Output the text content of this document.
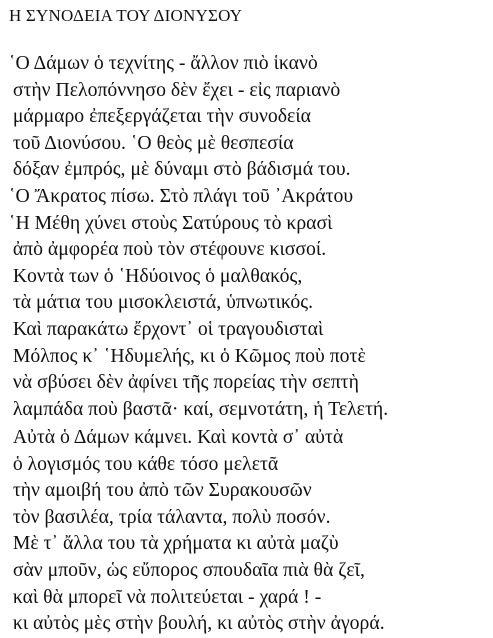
Η ΣΥΝΟΔΕΙΑ ΤΟΥ ΔΙΟΝΥΣΟΥ
῾Ο Δάμων ὁ τεχνίτης - ἄλλον πιὸ ἱκανὸ
στὴν Πελοπόννησο δὲν ἔχει - εἰς παριανὸ
μάρμαρο ἐπεξεργάζεται τὴν συνοδεία
τοῦ Διονύσου. ῾Ο θεὸς μὲ θεσπεσία
δόξαν ἐμπρός, μὲ δύναμι στὸ βάδισμά του.
῾Ο Ἄκρατος πίσω. Στὸ πλάγι τοῦ ᾿Ακράτου
῾Η Μέθη χύνει στοὺς Σατύρους τὸ κρασὶ
ἀπὸ ἀμφορέα ποὺ τὸν στέφουνε κισσοί.
Κοντὰ των ὁ ῾Ηδύοινος ὁ μαλθακός,
τὰ μάτια του μισοκλειστά, ὑπνωτικός.
Καὶ παρακάτω ἔρχοντ᾿ οἱ τραγουδισταὶ
Μόλπος κ᾿ ῾Ηδυμελής, κι ὁ Κῶμος ποὺ ποτὲ
νὰ σβύσει δὲν ἀφίνει τῆς πορείας τὴν σεπτὴ
λαμπάδα ποὺ βαστᾶ· καί, σεμνοτάτη, ἡ Τελετή.
Αὐτὰ ὁ Δάμων κάμνει. Καὶ κοντὰ σ᾿ αὐτὰ
ὁ λογισμός του κάθε τόσο μελετᾶ
τὴν αμοιβή του ἀπὸ τῶν Συρακουσῶν
τὸν βασιλέα, τρία τάλαντα, πολὺ ποσόν.
Μὲ τ᾿ ἄλλα του τὰ χρήματα κι αὐτὰ μαζὺ
σὰν μποῦν, ὡς εὔπορος σπουδαῖα πιὰ θὰ ζεῖ,
καὶ θὰ μπορεῖ νὰ πολιτεύεται - χαρά ! -
κι αὐτὸς μὲς στὴν βουλή, κι αὐτὸς στὴν ἀγορά.
